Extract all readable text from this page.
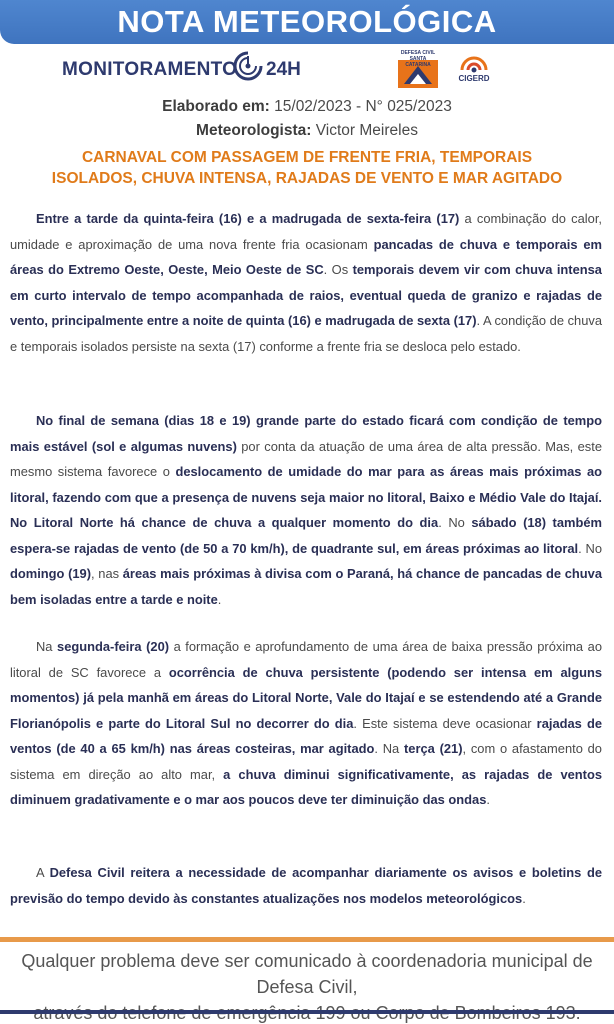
NOTA METEOROLÓGICA
MONITORAMENTO 24H
DEFESA CIVIL SANTA CATARINA
CIGERD
Elaborado em: 15/02/2023 - N° 025/2023
Meteorologista: Victor Meireles
CARNAVAL COM PASSAGEM DE FRENTE FRIA, TEMPORAIS
ISOLADOS, CHUVA INTENSA, RAJADAS DE VENTO E MAR AGITADO

Entre a tarde da quinta-feira (16) e a madrugada de sexta-feira (17) a combinação do calor, umidade e aproximação de uma nova frente fria ocasionam pancadas de chuva e temporais em áreas do Extremo Oeste, Oeste, Meio Oeste de SC. Os temporais devem vir com chuva intensa em curto intervalo de tempo acompanhada de raios, eventual queda de granizo e rajadas de vento, principalmente entre a noite de quinta (16) e madrugada de sexta (17). A condição de chuva e temporais isolados persiste na sexta (17) conforme a frente fria se desloca pelo estado.

No final de semana (dias 18 e 19) grande parte do estado ficará com condição de tempo mais estável (sol e algumas nuvens) por conta da atuação de uma área de alta pressão. Mas, este mesmo sistema favorece o deslocamento de umidade do mar para as áreas mais próximas ao litoral, fazendo com que a presença de nuvens seja maior no litoral, Baixo e Médio Vale do Itajaí. No Litoral Norte há chance de chuva a qualquer momento do dia. No sábado (18) também espera-se rajadas de vento (de 50 a 70 km/h), de quadrante sul, em áreas próximas ao litoral. No domingo (19), nas áreas mais próximas à divisa com o Paraná, há chance de pancadas de chuva bem isoladas entre a tarde e noite.

Na segunda-feira (20) a formação e aprofundamento de uma área de baixa pressão próxima ao litoral de SC favorece a ocorrência de chuva persistente (podendo ser intensa em alguns momentos) já pela manhã em áreas do Litoral Norte, Vale do Itajaí e se estendendo até a Grande Florianópolis e parte do Litoral Sul no decorrer do dia. Este sistema deve ocasionar rajadas de ventos (de 40 a 65 km/h) nas áreas costeiras, mar agitado. Na terça (21), com o afastamento do sistema em direção ao alto mar, a chuva diminui significativamente, as rajadas de ventos diminuem gradativamente e o mar aos poucos deve ter diminuição das ondas.

A Defesa Civil reitera a necessidade de acompanhar diariamente os avisos e boletins de previsão do tempo devido às constantes atualizações nos modelos meteorológicos.

Qualquer problema deve ser comunicado à coordenadoria municipal de Defesa Civil,
